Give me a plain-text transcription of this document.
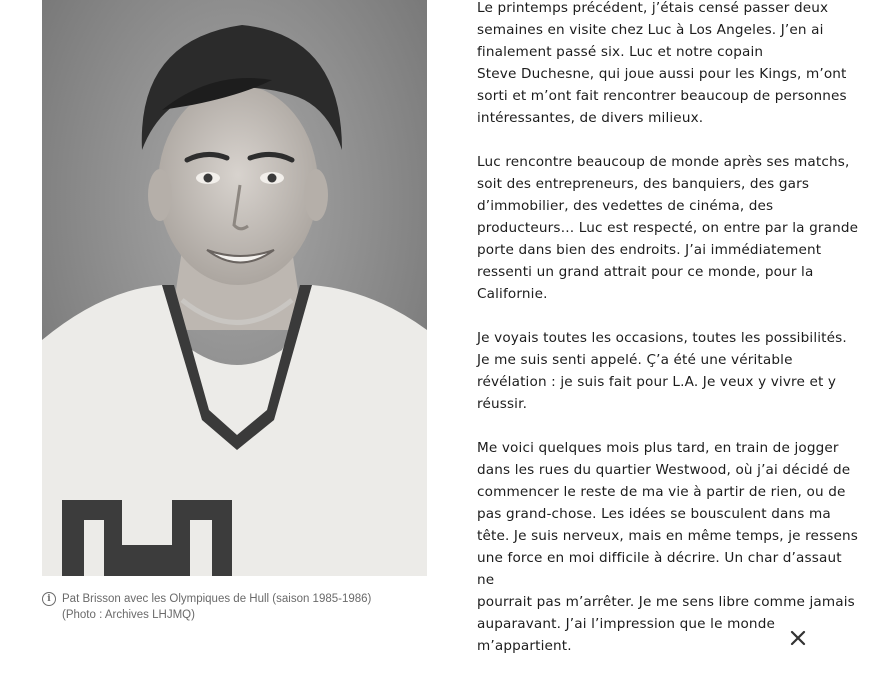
i Pat Brisson avec les Olympiques de Hull (saison 1985-1986)
(Photo : Archives LHJMQ)

Le printemps précédent, j’étais censé passer deux
semaines en visite chez Luc à Los Angeles. J’en ai
finalement passé six. Luc et notre copain
Steve Duchesne, qui joue aussi pour les Kings, m’ont
sorti et m’ont fait rencontrer beaucoup de personnes
intéressantes, de divers milieux.

Luc rencontre beaucoup de monde après ses matchs,
soit des entrepreneurs, des banquiers, des gars
d’immobilier, des vedettes de cinéma, des
producteurs… Luc est respecté, on entre par la grande
porte dans bien des endroits. J’ai immédiatement
ressenti un grand attrait pour ce monde, pour la
Californie.

Je voyais toutes les occasions, toutes les possibilités.
Je me suis senti appelé. Ç’a été une véritable
révélation : je suis fait pour L.A. Je veux y vivre et y
réussir.

Me voici quelques mois plus tard, en train de jogger
dans les rues du quartier Westwood, où j’ai décidé de
commencer le reste de ma vie à partir de rien, ou de
pas grand-chose. Les idées se bousculent dans ma
tête. Je suis nerveux, mais en même temps, je ressens
une force en moi difficile à décrire. Un char d’assaut ne
pourrait pas m’arrêter. Je me sens libre comme jamais
auparavant. J’ai l’impression que le monde
m’appartient.
